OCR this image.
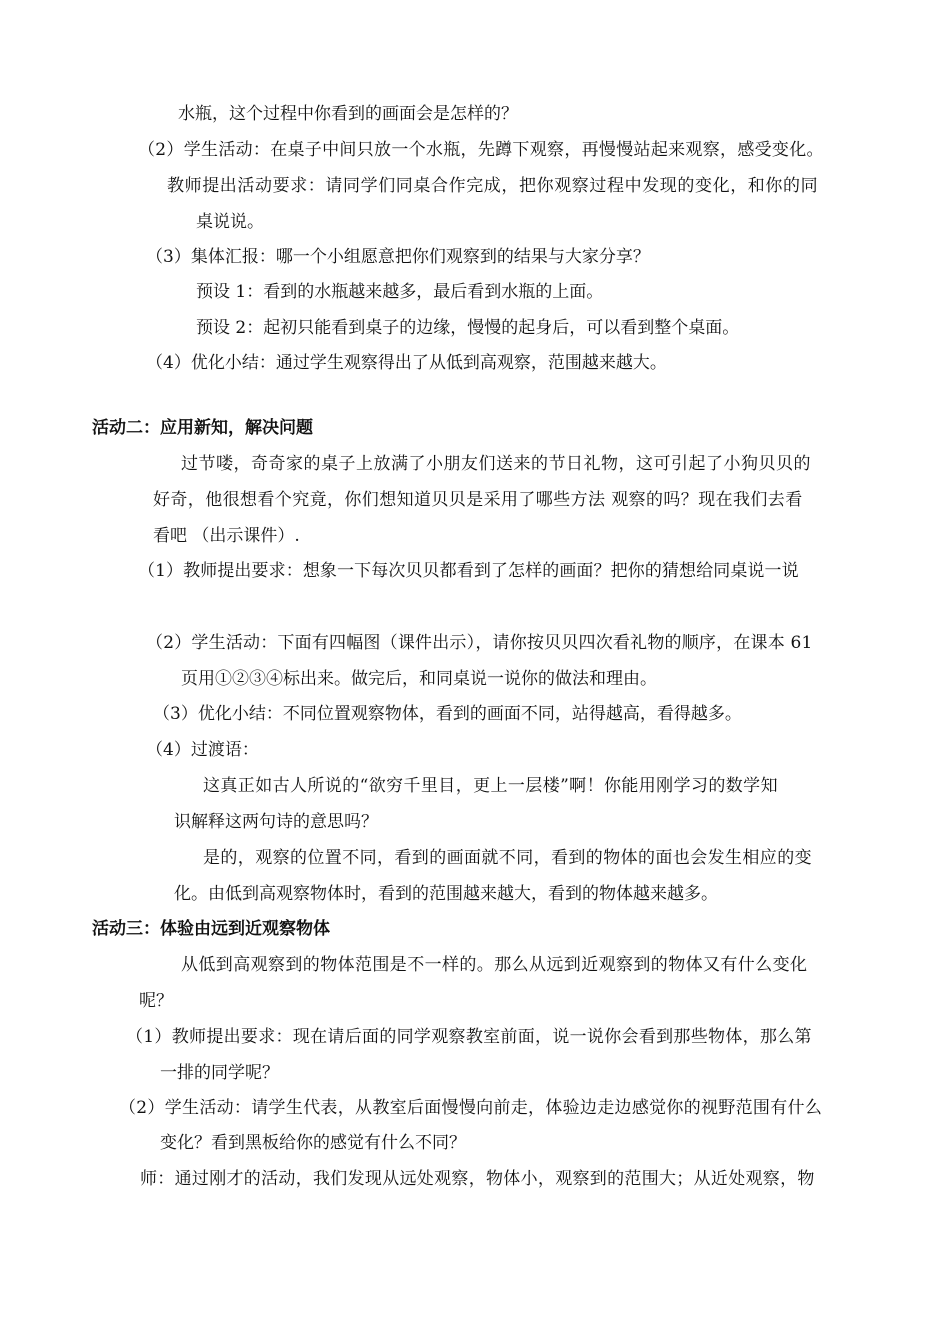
水瓶，这个过程中你看到的画面会是怎样的？
（2）学生活动：在桌子中间只放一个水瓶，先蹲下观察，再慢慢站起来观察，感受变化。
教师提出活动要求：请同学们同桌合作完成，把你观察过程中发现的变化，和你的同
桌说说。
（3）集体汇报：哪一个小组愿意把你们观察到的结果与大家分享？
预设 1：看到的水瓶越来越多，最后看到水瓶的上面。
预设 2：起初只能看到桌子的边缘，慢慢的起身后，可以看到整个桌面。
（4）优化小结：通过学生观察得出了从低到高观察，范围越来越大。
活动二：应用新知，解决问题
过节喽，奇奇家的桌子上放满了小朋友们送来的节日礼物，这可引起了小狗贝贝的
好奇，他很想看个究竟，你们想知道贝贝是采用了哪些方法 观察的吗？现在我们去看
看吧 （出示课件）.
（1）教师提出要求：想象一下每次贝贝都看到了怎样的画面？把你的猜想给同桌说一说
（2）学生活动：下面有四幅图（课件出示），请你按贝贝四次看礼物的顺序，在课本 61
页用①②③④标出来。做完后，和同桌说一说你的做法和理由。
（3）优化小结：不同位置观察物体，看到的画面不同，站得越高，看得越多。
（4）过渡语：
这真正如古人所说的“欲穷千里目，更上一层楼”啊！你能用刚学习的数学知
识解释这两句诗的意思吗？
是的，观察的位置不同，看到的画面就不同，看到的物体的面也会发生相应的变
化。由低到高观察物体时，看到的范围越来越大，看到的物体越来越多。
活动三：体验由远到近观察物体
从低到高观察到的物体范围是不一样的。那么从远到近观察到的物体又有什么变化
呢？
（1）教师提出要求：现在请后面的同学观察教室前面，说一说你会看到那些物体，那么第
一排的同学呢？
（2）学生活动：请学生代表，从教室后面慢慢向前走，体验边走边感觉你的视野范围有什么
变化？看到黑板给你的感觉有什么不同？
师：通过刚才的活动，我们发现从远处观察，物体小，观察到的范围大；从近处观察，物
